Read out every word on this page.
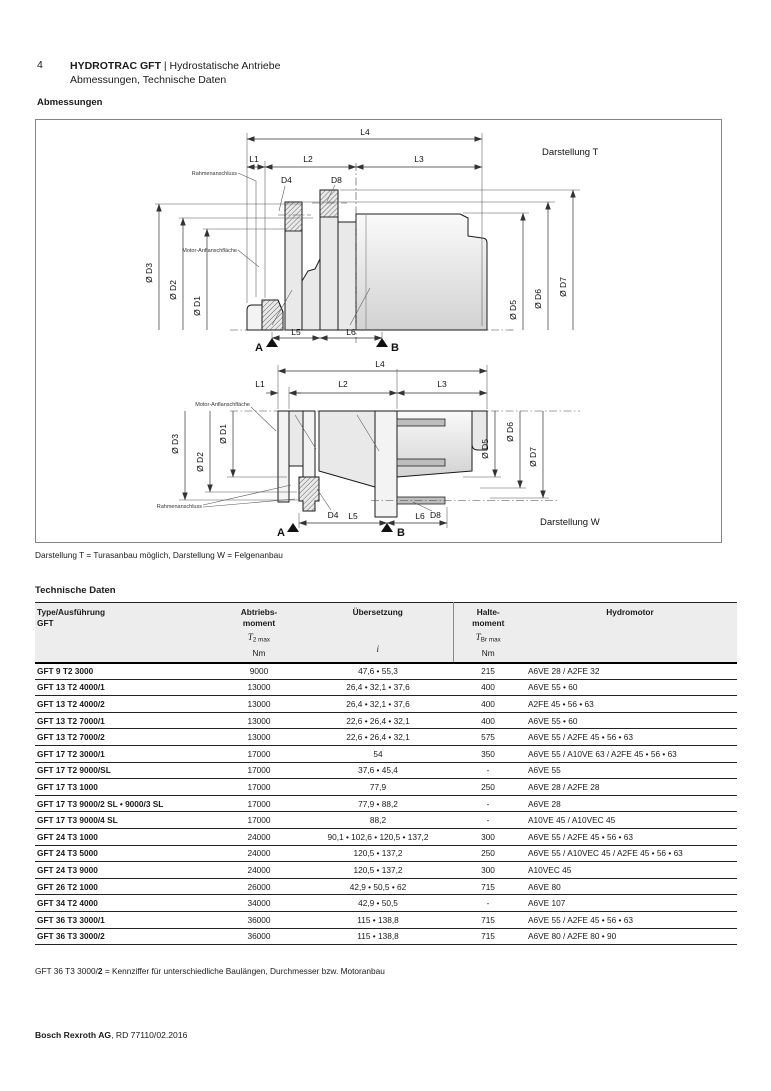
4	HYDROTRAC GFT | Hydrostatische Antriebe
Abmessungen, Technische Daten
Abmessungen
L4
L1	L2	L3
Ø D3
Ø D2
Ø D1	Ø D5
Ø D6
Ø D7
L5	L6
A	B
D4	D8
Rahmenanschluss
Motor-Anflanschfläche
Darstellung T
L4
L1	L2	L3
Ø D3
Ø D2
Ø D1
Ø D5
Ø D6
Ø D7
L5	L6
A	B
D4	D8
Rahmenanschluss
Motor-Anflanschfläche
Darstellung W
Darstellung T = Turasanbau möglich, Darstellung W = Felgenanbau
Technische Daten
Type/Ausführung
GFT

Abtriebs-
moment
$T_{2 max}$
Nm

Übersetzung

i

Halte-
moment
$T_{Br max}$
Nm

Hydromotor

GFT 9 T2 3000	9000	47,6 • 55,3	215	A6VE 28 / A2FE 32
GFT 13 T2 4000/1	13000	26,4 • 32,1 • 37,6	400	A6VE 55 • 60
GFT 13 T2 4000/2	13000	26,4 • 32,1 • 37,6	400	A2FE 45 • 56 • 63
GFT 13 T2 7000/1	13000	22,6 • 26,4 • 32,1	400	A6VE 55 • 60
GFT 13 T2 7000/2	13000	22,6 • 26,4 • 32,1	575	A6VE 55 / A2FE 45 • 56 • 63
GFT 17 T2 3000/1	17000	54	350	A6VE 55 / A10VE 63 / A2FE 45 • 56 • 63
GFT 17 T2 9000/SL	17000	37,6 • 45,4	-	A6VE 55
GFT 17 T3 1000	17000	77,9	250	A6VE 28 / A2FE 28
GFT 17 T3 9000/2 SL • 9000/3 SL	17000	77,9 • 88,2	-	A6VE 28
GFT 17 T3 9000/4 SL	17000	88,2	-	A10VE 45 / A10VEC 45
GFT 24 T3 1000	24000	90,1 • 102,6 • 120,5 • 137,2	300	A6VE 55 / A2FE 45 • 56 • 63
GFT 24 T3 5000	24000	120,5 • 137,2	250	A6VE 55 / A10VEC 45 / A2FE 45 • 56 • 63
GFT 24 T3 9000	24000	120,5 • 137,2	300	A10VEC 45
GFT 26 T2 1000	26000	42,9 • 50,5 • 62	715	A6VE 80
GFT 34 T2 4000	34000	42,9 • 50,5	-	A6VE 107
GFT 36 T3 3000/1	36000	115 • 138,8	715	A6VE 55 / A2FE 45 • 56 • 63
GFT 36 T3 3000/2	36000	115 • 138,8	715	A6VE 80 / A2FE 80 • 90
GFT 36 T3 3000/2 = Kennziffer für unterschiedliche Baulängen, Durchmesser bzw. Motoranbau
Bosch Rexroth AG, RD 77110/02.2016
